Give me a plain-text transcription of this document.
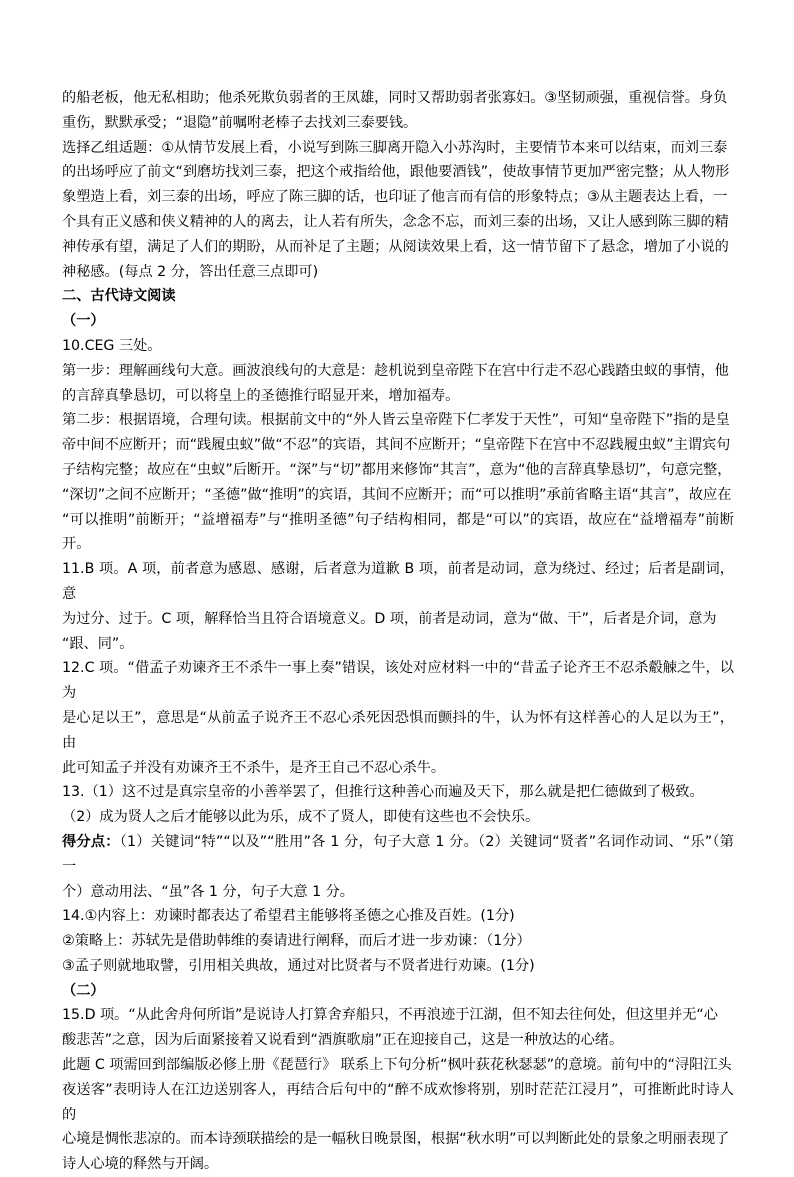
的船老板，他无私相助；他杀死欺负弱者的王凤雄，同时又帮助弱者张寡妇。③坚韧顽强，重视信誉。身负

重伤，默默承受；“退隐”前嘱咐老棒子去找刘三泰要钱。

选择乙组适题：①从情节发展上看，小说写到陈三脚离开隐入小苏沟时，主要情节本来可以结束，而刘三泰

的出场呼应了前文“到磨坊找刘三泰，把这个戒指给他，跟他要酒钱”，使故事情节更加严密完整；从人物形

象塑造上看，刘三泰的出场，呼应了陈三脚的话，也印证了他言而有信的形象特点；③从主题表达上看，一

个具有正义感和侠义精神的人的离去，让人若有所失，念念不忘，而刘三泰的出场，又让人感到陈三脚的精

神传承有望，满足了人们的期盼，从而补足了主题；从阅读效果上看，这一情节留下了悬念，增加了小说的

神秘感。(每点 2 分，答出任意三点即可)

二、古代诗文阅读

（一）

10.CEG 三处。

第一步：理解画线句大意。画波浪线句的大意是：趁机说到皇帝陛下在宫中行走不忍心践踏虫蚁的事情，他

的言辞真挚恳切，可以将皇上的圣德推行昭显开来，增加福寿。

第二步：根据语境，合理句读。根据前文中的“外人皆云皇帝陛下仁孝发于天性”，可知“皇帝陛下”指的是皇

帝中间不应断开；而“践履虫蚁”做“不忍”的宾语，其间不应断开；“皇帝陛下在宫中不忍践履虫蚁”主谓宾句

子结构完整；故应在“虫蚁”后断开。“深”与“切”都用来修饰“其言”，意为“他的言辞真挚恳切”，句意完整，

“深切”之间不应断开；“圣德”做“推明”的宾语，其间不应断开；而“可以推明”承前省略主语“其言”，故应在

“可以推明”前断开；“益增福寿”与“推明圣德”句子结构相同，都是“可以”的宾语，故应在“益增福寿”前断开。

11.B 项。A 项，前者意为感恩、感谢，后者意为道歉 B 项，前者是动词，意为绕过、经过；后者是副词，意

为过分、过于。C 项，解释恰当且符合语境意义。D 项，前者是动词，意为“做、干”，后者是介词，意为

“跟、同”。

12.C 项。“借孟子劝谏齐王不杀牛一事上奏”错误，该处对应材料一中的“昔孟子论齐王不忍杀觳觫之牛，以为

是心足以王”，意思是“从前孟子说齐王不忍心杀死因恐惧而颤抖的牛，认为怀有这样善心的人足以为王”，由

此可知孟子并没有劝谏齐王不杀牛，是齐王自己不忍心杀牛。

13.（1）这不过是真宗皇帝的小善举罢了，但推行这种善心而遍及天下，那么就是把仁德做到了极致。

（2）成为贤人之后才能够以此为乐，成不了贤人，即使有这些也不会快乐。

得分点：（1）关键词“特”“以及”“胜用”各 1 分，句子大意 1 分。（2）关键词“贤者”名词作动词、“乐”（第一

个）意动用法、“虽”各 1 分，句子大意 1 分。

14.①内容上：劝谏时都表达了希望君主能够将圣德之心推及百姓。(1分)

②策略上：苏轼先是借助韩维的奏请进行阐释，而后才进一步劝谏：（1分）

③孟子则就地取譬，引用相关典故，通过对比贤者与不贤者进行劝谏。(1分)

（二）

15.D 项。“从此舍舟何所诣”是说诗人打算舍弃船只，不再浪迹于江湖，但不知去往何处，但这里并无“心

酸悲苦”之意，因为后面紧接着又说看到“酒旗歌扇”正在迎接自己，这是一种放达的心绪。

此题 C 项需回到部编版必修上册《琵琶行》 联系上下句分析“枫叶荻花秋瑟瑟”的意境。前句中的“浔阳江头

夜送客”表明诗人在江边送别客人，再结合后句中的“醉不成欢惨将别，别时茫茫江浸月”，可推断此时诗人的

心境是惆怅悲凉的。而本诗颈联描绘的是一幅秋日晚景图，根据“秋水明”可以判断此处的景象之明丽表现了

诗人心境的释然与开阔。
